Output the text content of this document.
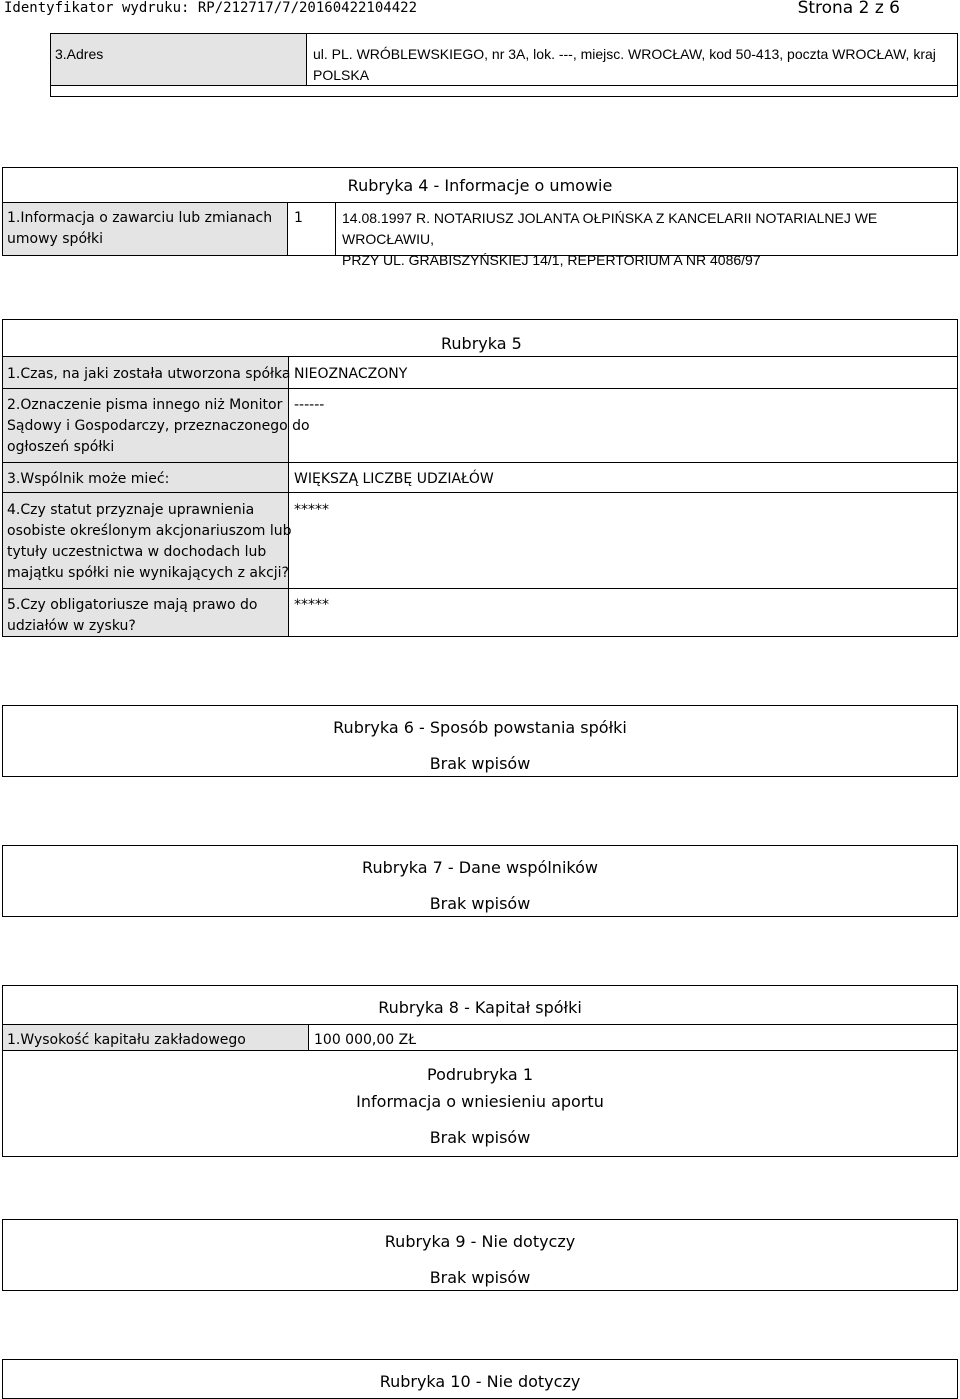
Identyfikator wydruku: RP/212717/7/20160422104422	Strona 2 z 6
3.Adres	ul. PL. WRÓBLEWSKIEGO, nr 3A, lok. ---, miejsc. WROCŁAW, kod 50-413, poczta WROCŁAW, kraj
POLSKA
Rubryka 4 - Informacje o umowie
1.Informacja o zawarciu lub zmianach
umowy spółki
1	14.08.1997 R. NOTARIUSZ JOLANTA OŁPIŃSKA Z KANCELARII NOTARIALNEJ WE WROCŁAWIU,
PRZY UL. GRABISZYŃSKIEJ 14/1, REPERTORIUM A NR 4086/97
Rubryka 5
1.Czas, na jaki została utworzona spółka NIEOZNACZONY
2.Oznaczenie pisma innego niż Monitor
Sądowy i Gospodarczy, przeznaczonego do
ogłoszeń spółki
------
3.Wspólnik może mieć:	WIĘKSZĄ LICZBĘ UDZIAŁÓW
4.Czy statut przyznaje uprawnienia
osobiste określonym akcjonariuszom lub
tytuły uczestnictwa w dochodach lub
majątku spółki nie wynikających z akcji?
*****
5.Czy obligatoriusze mają prawo do
udziałów w zysku?
*****
Rubryka 6 - Sposób powstania spółki
Brak wpisów
Rubryka 7 - Dane wspólników
Brak wpisów
Rubryka 8 - Kapitał spółki
1.Wysokość kapitału zakładowego	100 000,00 ZŁ
Podrubryka 1
Informacja o wniesieniu aportu
Brak wpisów
Rubryka 9 - Nie dotyczy
Brak wpisów
Rubryka 10 - Nie dotyczy
